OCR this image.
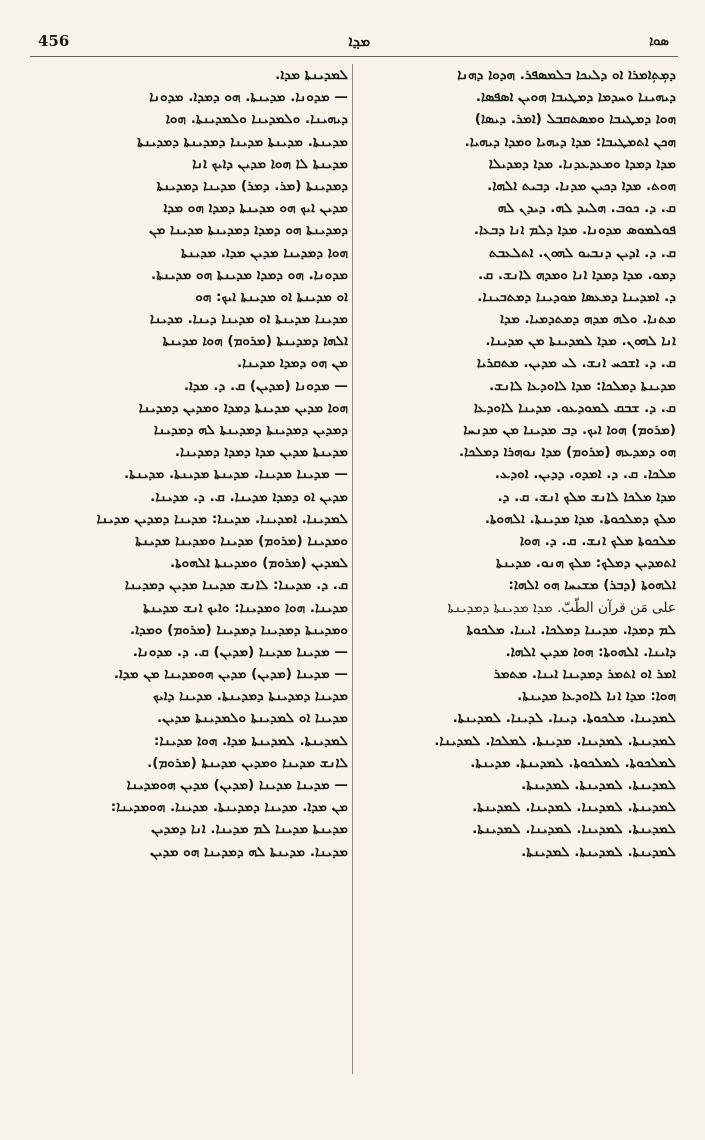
456	ܡܕ݂ܐ	ܣܘܐ
ܕܡܼܬܼܐܡܪܐ ܐܘ ܕܠܝܟܐ ܒܠܡܣܦܪ. ܗܕܘܐ ܕܗܢܐ
ܕܝܗܝܢܐ ܘܚܕܡܐ ܕܡܛܝܒܐ ܗܘܝܢ ܐܣܦܣܐ.
ܗܘܐ ܕܡܛܝܒܐ ܘܡܣܬܩܒܠ (ܐܡܪ. ܕܝܣܐ)
ܗܟܢ ܐܬܡܛܝܒܐ: ܡܕܐ ܕܝܗܝܐ ܘܡܕܐ ܕܝܗܝܐ.
ܡܕܐ ܕܡܕܐ ܘܡܥܕܥܕܢܐ. ܡܕܐ ܕܡܕܝܠܐ
ܗܘܬ. ܡܕܐ ܕܟܝܢ ܡܕܢܐ. ܕܒܝܬ ܐܠܗܐ.
ܩ. ܕ. ܟܘܒ. ܗܠܝܕ ܠܗ. ܕܝܕܢ ܠܗ
ܦܘܠܡܘܣ ܡܕܘܢܐ. ܡܕܐ ܕܠܡ ܐܢܐ ܕܒܥܐ.
ܩ. ܕ. ܐܕܝܢ ܕܢܒܝܘ ܠܗܘܢ. ܐܬܠܥܒܬ
ܕܡܘ. ܡܕܐ ܕܡܕܐ ܐܢܐ ܘܡܕܗ ܠܐܢܫ. ܩ.
ܕ. ܐܡܕܝܢܐ ܕܡܥܣܐ ܡܘܕܝܢܐ ܕܡܬܒܝܢܐ.
ܡܬܢܐ. ܘܠܗ ܡܕܗ ܕܡܬܕܡܝܐ. ܡܕܐ
ܐܢܐ ܠܗܘܢ. ܡܕܐ ܠܡܕܝܢܬܐ ܡܢ ܡܕܝܢܐ.
ܩ. ܕ. ܐܫܟܚ ܐܢܫ. ܠܝ ܡܕܝܢ. ܡܬܩܪܝܐ
ܡܕܝܢܬܐ ܕܡܠܟܐ: ܡܕܐ ܠܐܘܕܥܐ ܠܐܢܫ.
ܩ. ܕ. ܫܒܩ ܠܡܘܕܥܘ. ܡܕܝܢܐ ܠܐܘܕܥܐ
(ܡܪܘܡ) ܗܘܐ ܐܝܟ. ܕܒ ܡܕܝܢܐ ܡܢ ܡܕܢܚܐ
ܗܘ ܕܡܕܥܗ (ܡܪܘܡ) ܡܕܐ ܢܘܗܪܐ ܕܡܠܟܐ.
ܡܠܟܐ. ܩ. ܕ. ܐܡܕܘ. ܕܕܝܢ. ܐܘܕܥ.
ܡܕܐ ܡܠܟܐ ܠܐܢܫ ܡܠܟ ܐܢܫ. ܩ. ܕ.
ܡܠܟ ܕܡܠܟܘܬܐ. ܡܕܐ ܡܕܝܢܬܐ. ܐܠܗܘܬܐ.
ܡܠܟܘܬܐ ܡܠܟ ܐܢܫ. ܩ. ܕ. ܗܘܐ
ܐܬܡܕܝܢ ܕܡܠܟ: ܡܠܟ ܗܢܘ. ܡܕܝܢܬܐ
ܐܠܗܘܬܐ (ܕܒܪ) ܡܫܝܚܐ ܗܘ ܐܠܗܐ:
على مَن قرآن الطّبّ. ܡܕܐ ܡܕܝܢܬܐ ܕܡܕܝܢܬܐ
ܠܡ ܕܡܕܐ. ܡܕܝܢܐ ܕܡܠܟܐ. ܐܝܢܐ. ܡܠܟܘܬܐ
ܕܐܝܢܐ. ܐܠܗܘܬܐ: ܗܘܐ ܡܕܝܢ ܐܠܗܐ.
ܐܡܪ ܐܘ ܐܬܡܪ ܕܡܕܝܢܐ ܐܝܢܐ. ܡܬܡܪ
ܗܘܐ: ܡܕܐ ܐܢܐ ܠܐܘܕܥܐ ܡܕܝܢܬܐ.
ܠܡܕܝܢܐ. ܡܠܟܘܬܐ. ܕܝܢܐ. ܠܕܝܢܐ. ܠܡܕܝܢܬܐ.
ܠܡܕܝܢܬܐ. ܠܡܕܝܢܐ. ܡܕܝܢܬܐ. ܠܡܠܟܐ. ܠܡܕܝܢܐ.
ܠܡܠܟܘܬܐ. ܠܡܠܟܘܬܐ. ܠܡܕܝܢܬܐ. ܡܕܝܢܬܐ.
ܠܡܕܝܢܬܐ. ܠܡܕܝܢܬܐ. ܠܡܕܝܢܬܐ.
ܠܡܕܝܢܬܐ. ܠܡܕܝܢܐ. ܠܡܕܝܢܐ. ܠܡܕܝܢܬܐ.
ܠܡܕܝܢܬܐ. ܠܡܕܝܢܐ. ܠܡܕܝܢܐ. ܠܡܕܝܢܬܐ.
ܠܡܕܝܢܬܐ. ܠܡܕܝܢܬܐ. ܠܡܕܝܢܬܐ.
ܠܡܕܝܢܬܐ ܡܕܐ.
— ܡܕܘܢܐ. ܡܕܝܢܬܐ. ܗܘ ܕܡܕܐ. ܡܕܘܢܐ
ܕܝܗܝܢܐ. ܘܠܡܕܝܢܐ ܘܠܡܕܝܢܬܐ. ܗܘܐ
ܡܕܝܢܬܐ. ܡܕܝܢܬܐ ܡܕܝܢܐ ܕܡܕܝܢܬܐ ܕܡܕܝܢܬܐ
ܡܕܝܢܬܐ ܠܐ ܗܘܐ ܡܕܝܢ ܕܐܝܟ ܐܢܐ
ܕܡܕܝܢܬܐ (ܡܪ. ܕܡܪ) ܡܕܝܢܐ ܕܡܕܝܢܬܐ
ܡܕܝܢ ܐܝܟ ܗܘ ܡܕܝܢܬܐ ܕܡܕܐ ܗܘ ܡܕܐ
ܕܡܕܝܢܬܐ ܗܘ ܕܡܕܐ ܕܡܕܝܢܬܐ ܡܕܝܢܐ ܡܢ
ܗܘܐ ܕܡܕܝܢܐ ܡܕܝܢ ܡܕܐ. ܡܕܝܢܬܐ
ܡܕܘܢܐ. ܗܘ ܕܡܕܐ ܡܕܝܢܬܐ ܗܘ ܡܕܝܢܬܐ.
ܐܘ ܡܕܝܢܬܐ ܐܘ ܡܕܝܢܬܐ ܐܝܟ: ܗܘ
ܡܕܝܢܐ ܡܕܝܢܬܐ ܐܘ ܡܕܝܢܐ ܕܝܢܐ. ܡܕܝܢܐ
ܐܠܗܐ ܕܡܕܝܢܬܐ (ܡܪܘܡ) ܗܘܐ ܡܕܝܢܬܐ
ܡܢ ܗܘ ܕܡܕܐ ܡܕܝܢܐ.
— ܡܕܘܢܐ (ܡܕܝܢ) ܩ. ܕ. ܡܕܐ.
ܗܘܐ ܡܕܝܢ ܡܕܝܢܬܐ ܕܡܕܐ ܘܡܕܝܢ ܕܡܕܝܢܐ
ܕܡܕܝܢ ܕܡܕܝܢܬܐ ܕܡܕܝܢܬܐ ܠܗ ܕܡܕܝܢܐ
ܡܕܝܢܬܐ ܡܕܝܢ ܡܕܐ ܕܡܕܐ ܕܡܕܝܢܐ.
— ܡܕܝܢܐ ܡܕܝܢܐ. ܡܕܝܢܬܐ ܡܕܝܢܬܐ. ܡܕܝܢܬܐ.
ܡܕܝܢ ܐܘ ܕܡܕܐ ܡܕܝܢܐ. ܩ. ܕ. ܡܕܝܢܐ.
ܠܡܕܝܢܐ. ܐܡܕܝܢܐ. ܡܕܝܢܐ: ܡܕܝܢܐ ܕܡܕܝܢ ܡܕܝܢܐ
ܘܡܕܝܢܐ (ܡܪܘܡ) ܡܕܝܢܐ ܘܡܕܝܢܐ ܡܕܝܢܬܐ
ܠܡܕܝܢ (ܡܪܘܡ) ܘܡܕܝܢܬܐ ܐܠܗܘܬܐ.
ܩ. ܕ. ܡܕܝܢܐ: ܠܐܢܫ ܡܕܝܢܐ ܡܕܝܢ ܕܡܕܝܢܐ
ܡܕܝܢܐ. ܗܘܐ ܘܡܕܝܢܐ: ܘܐܝܟ ܐܢܫ ܡܕܝܢܬܐ
ܘܡܕܝܢܬܐ ܕܡܕܝܢܐ ܕܡܕܝܢܐ (ܡܪܘܡ) ܘܡܕܐ.
— ܡܕܝܢܐ ܡܕܝܢܐ (ܡܕܝܢ) ܩ. ܕ. ܡܕܘܢܐ.
— ܡܕܝܢܐ (ܡܕܝܢ) ܡܕܝܢ ܗܘܡܕܝܢܐ ܡܢ ܡܕܐ.
ܡܕܝܢܐ ܕܡܕܝܢܬܐ ܕܡܕܝܢܬܐ. ܡܕܝܢܐ ܕܐܝܟ
ܡܕܝܢܐ ܐܘ ܠܡܕܝܢܬܐ ܘܠܡܕܝܢܬܐ ܡܕܝܢ.
ܠܡܕܝܢܬܐ. ܠܡܕܝܢܬܐ ܡܕܐ. ܗܘܐ ܡܕܝܢܐ:
ܠܐܢܫ ܡܕܝܢܐ ܘܡܕܝܢ ܡܕܝܢܬܐ (ܡܪܘܡ).
— ܡܕܝܢܐ ܡܕܝܢܐ (ܡܕܝܢ) ܡܕܝܢ ܗܘܡܕܝܢܐ
ܡܢ ܡܕܐ. ܡܕܝܢܐ ܕܡܕܝܢܬܐ. ܡܕܝܢܐ. ܗܘܡܕܝܢܐ:
ܡܕܝܢܬܐ ܡܕܝܢܐ ܠܡ ܡܕܝܢܐ. ܐܢܐ ܕܡܕܝܢ
ܡܕܝܢܐ. ܡܕܝܢܬܐ ܠܗ ܕܡܕܝܢܐ ܗܘ ܡܕܝܢ
